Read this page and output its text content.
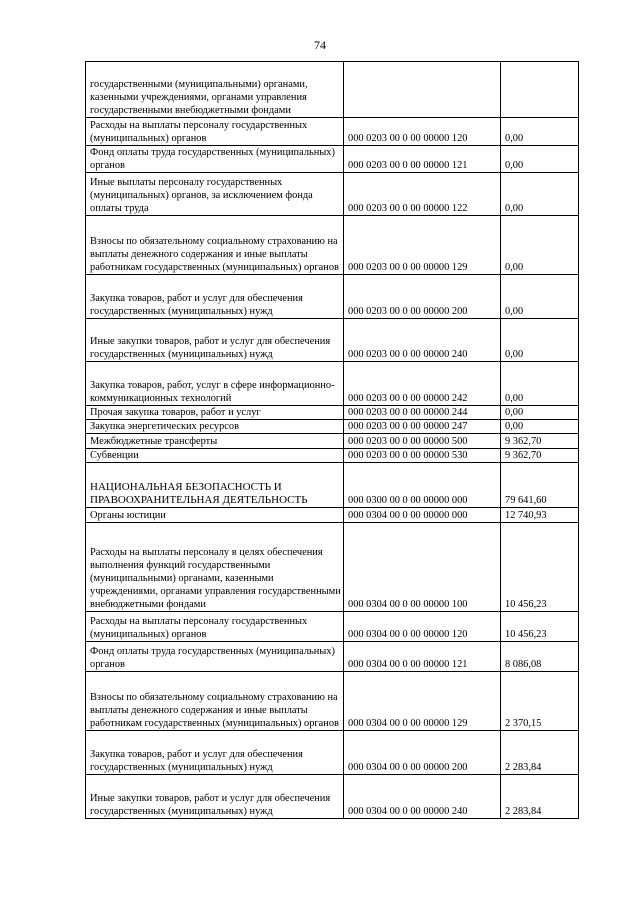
74
государственными (муниципальными) органами, казенными учреждениями, органами управления государственными внебюджетными фондами		
Расходы на выплаты персоналу государственных (муниципальных) органов	000 0203 00 0 00 00000 120	0,00
Фонд оплаты труда государственных (муниципальных) органов	000 0203 00 0 00 00000 121	0,00
Иные выплаты персоналу государственных (муниципальных) органов, за исключением фонда оплаты труда	000 0203 00 0 00 00000 122	0,00
Взносы по обязательному социальному страхованию на выплаты денежного содержания и иные выплаты работникам государственных (муниципальных) органов	000 0203 00 0 00 00000 129	0,00
Закупка товаров, работ и услуг для обеспечения государственных (муниципальных) нужд	000 0203 00 0 00 00000 200	0,00
Иные закупки товаров, работ и услуг для обеспечения государственных (муниципальных) нужд	000 0203 00 0 00 00000 240	0,00
Закупка товаров, работ, услуг в сфере информационно-коммуникационных технологий	000 0203 00 0 00 00000 242	0,00
Прочая закупка товаров, работ и услуг	000 0203 00 0 00 00000 244	0,00
Закупка энергетических ресурсов	000 0203 00 0 00 00000 247	0,00
Межбюджетные трансферты	000 0203 00 0 00 00000 500	9 362,70
Субвенции	000 0203 00 0 00 00000 530	9 362,70
НАЦИОНАЛЬНАЯ БЕЗОПАСНОСТЬ И ПРАВООХРАНИТЕЛЬНАЯ ДЕЯТЕЛЬНОСТЬ	000 0300 00 0 00 00000 000	79 641,60
Органы юстиции	000 0304 00 0 00 00000 000	12 740,93
Расходы на выплаты персоналу в целях обеспечения выполнения функций государственными (муниципальными) органами, казенными учреждениями, органами управления государственными внебюджетными фондами	000 0304 00 0 00 00000 100	10 456,23
Расходы на выплаты персоналу государственных (муниципальных) органов	000 0304 00 0 00 00000 120	10 456,23
Фонд оплаты труда государственных (муниципальных) органов	000 0304 00 0 00 00000 121	8 086,08
Взносы по обязательному социальному страхованию на выплаты денежного содержания и иные выплаты работникам государственных (муниципальных) органов	000 0304 00 0 00 00000 129	2 370,15
Закупка товаров, работ и услуг для обеспечения государственных (муниципальных) нужд	000 0304 00 0 00 00000 200	2 283,84
Иные закупки товаров, работ и услуг для обеспечения государственных (муниципальных) нужд	000 0304 00 0 00 00000 240	2 283,84
